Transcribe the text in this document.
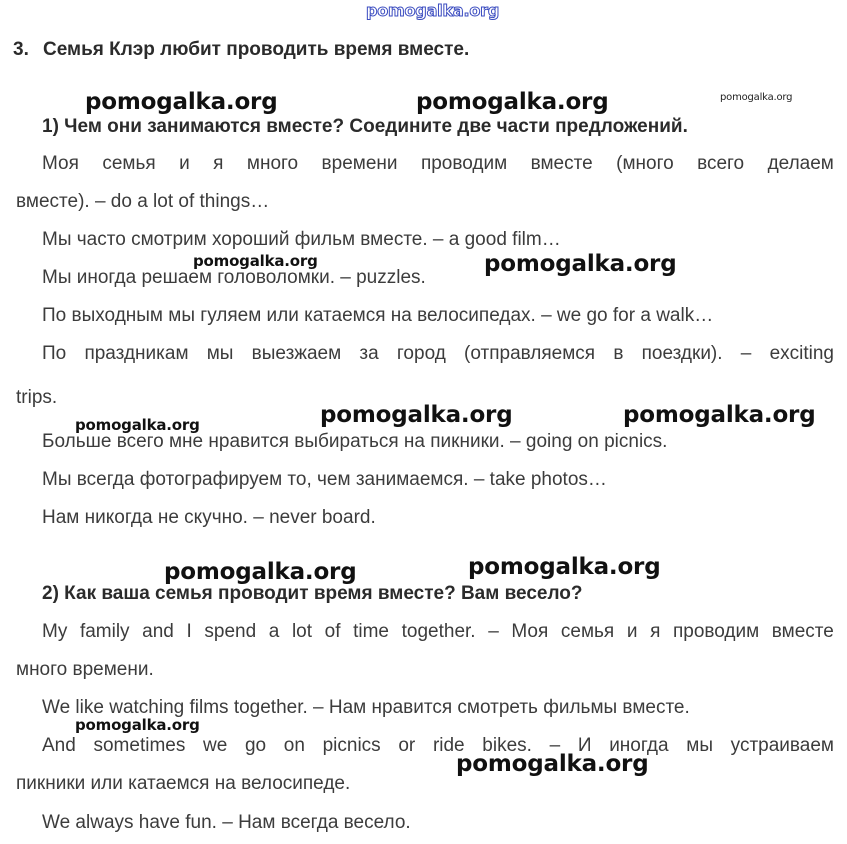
pomogalka.org
3. Семья Клэр любит проводить время вместе.
1) Чем они занимаются вместе? Соедините две части предложений.
Моя семья и я много времени проводим вместе (много всего делаем
вместе). – do a lot of things…
Мы часто смотрим хороший фильм вместе. – a good film…
Мы иногда решаем головоломки. – puzzles.
По выходным мы гуляем или катаемся на велосипедах. – we go for a walk…
По праздникам мы выезжаем за город (отправляемся в поездки). – exciting
trips.
Больше всего мне нравится выбираться на пикники. – going on picnics.
Мы всегда фотографируем то, чем занимаемся. – take photos…
Нам никогда не скучно. – never board.
2) Как ваша семья проводит время вместе? Вам весело?
My family and I spend a lot of time together. – Моя семья и я проводим вместе
много времени.
We like watching films together. – Нам нравится смотреть фильмы вместе.
And sometimes we go on picnics or ride bikes. – И иногда мы устраиваем
пикники или катаемся на велосипеде.
We always have fun. – Нам всегда весело.
pomogalka.org	pomogalka.org	pomogalka.org
pomogalka.org	pomogalka.org
pomogalka.org	pomogalka.org	pomogalka.org
pomogalka.org	pomogalka.org
pomogalka.org
pomogalka.org
